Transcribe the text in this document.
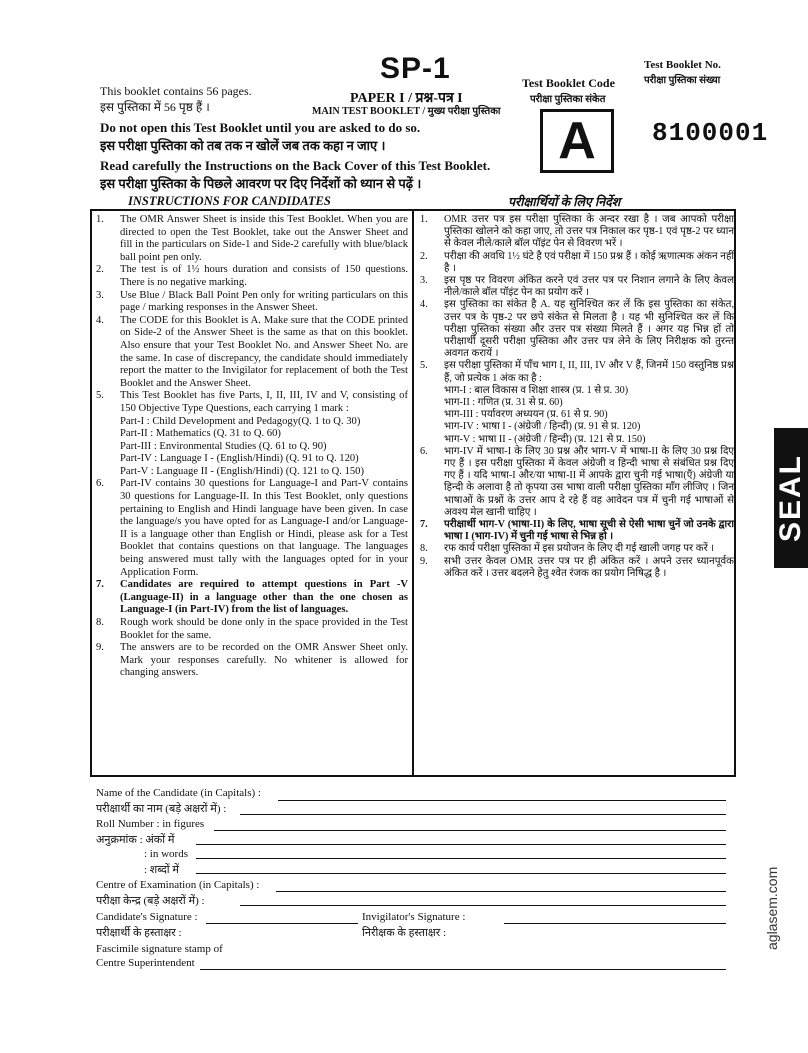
SP-1
PAPER I / प्रश्न-पत्र I
MAIN TEST BOOKLET / मुख्य परीक्षा पुस्तिका
This booklet contains 56 pages.
इस पुस्तिका में 56 पृष्ठ हैं ।
Test Booklet Code
परीक्षा पुस्तिका संकेत
A
Test Booklet No.
परीक्षा पुस्तिका संख्या
8100001
Do not open this Test Booklet until you are asked to do so.
इस परीक्षा पुस्तिका को तब तक न खोलें जब तक कहा न जाए ।
Read carefully the Instructions on the Back Cover of this Test Booklet.
इस परीक्षा पुस्तिका के पिछले आवरण पर दिए निर्देशों को ध्यान से पढ़ें ।
INSTRUCTIONS FOR CANDIDATES	परीक्षार्थियों के लिए निर्देश
1. The OMR Answer Sheet is inside this Test Booklet. When you are directed to open the Test Booklet, take out the Answer Sheet and fill in the particulars on Side-1 and Side-2 carefully with blue/black ball point pen only.
2. The test is of 1½ hours duration and consists of 150 questions. There is no negative marking.
3. Use Blue / Black Ball Point Pen only for writing particulars on this page / marking responses in the Answer Sheet.
4. The CODE for this Booklet is A. Make sure that the CODE printed on Side-2 of the Answer Sheet is the same as that on this booklet. Also ensure that your Test Booklet No. and Answer Sheet No. are the same. In case of discrepancy, the candidate should immediately report the matter to the Invigilator for replacement of both the Test Booklet and the Answer Sheet.
5. This Test Booklet has five Parts, I, II, III, IV and V, consisting of 150 Objective Type Questions, each carrying 1 mark :
Part-I : Child Development and Pedagogy(Q. 1 to Q. 30)
Part-II : Mathematics (Q. 31 to Q. 60)
Part-III : Environmental Studies (Q. 61 to Q. 90)
Part-IV : Language I - (English/Hindi) (Q. 91 to Q. 120)
Part-V : Language II - (English/Hindi) (Q. 121 to Q. 150)
6. Part-IV contains 30 questions for Language-I and Part-V contains 30 questions for Language-II. In this Test Booklet, only questions pertaining to English and Hindi language have been given. In case the language/s you have opted for as Language-I and/or Language-II is a language other than English or Hindi, please ask for a Test Booklet that contains questions on that language. The languages being answered must tally with the languages opted for in your Application Form.
7. Candidates are required to attempt questions in Part -V (Language-II) in a language other than the one chosen as Language-I (in Part-IV) from the list of languages.
8. Rough work should be done only in the space provided in the Test Booklet for the same.
9. The answers are to be recorded on the OMR Answer Sheet only. Mark your responses carefully. No whitener is allowed for changing answers.
1. OMR उत्तर पत्र इस परीक्षा पुस्तिका के अन्दर रखा है । जब आपको परीक्षा पुस्तिका खोलने को कहा जाए, तो उत्तर पत्र निकाल कर पृष्ठ-1 एवं पृष्ठ-2 पर ध्यान से केवल नीले/काले बॉल पॉइंट पेन से विवरण भरें ।
2. परीक्षा की अवधि 1½ घंटे है एवं परीक्षा में 150 प्रश्न हैं । कोई ऋणात्मक अंकन नहीं है ।
3. इस पृष्ठ पर विवरण अंकित करने एवं उत्तर पत्र पर निशान लगाने के लिए केवल नीले/काले बॉल पॉइंट पेन का प्रयोग करें ।
4. इस पुस्तिका का संकेत है A. यह सुनिश्चित कर लें कि इस पुस्तिका का संकेत, उत्तर पत्र के पृष्ठ-2 पर छपे संकेत से मिलता है । यह भी सुनिश्चित कर लें कि परीक्षा पुस्तिका संख्या और उत्तर पत्र संख्या मिलते हैं । अगर यह भिन्न हों तो परीक्षार्थी दूसरी परीक्षा पुस्तिका और उत्तर पत्र लेने के लिए निरीक्षक को तुरन्त अवगत करायें ।
5. इस परीक्षा पुस्तिका में पाँच भाग I, II, III, IV और V हैं, जिनमें 150 वस्तुनिष्ठ प्रश्न हैं, जो प्रत्येक 1 अंक का है :
भाग-I : बाल विकास व शिक्षा शास्त्र (प्र. 1 से प्र. 30)
भाग-II : गणित (प्र. 31 से प्र. 60)
भाग-III : पर्यावरण अध्ययन (प्र. 61 से प्र. 90)
भाग-IV : भाषा I - (अंग्रेजी / हिन्दी) (प्र. 91 से प्र. 120)
भाग-V : भाषा II - (अंग्रेजी / हिन्दी) (प्र. 121 से प्र. 150)
6. भाग-IV में भाषा-I के लिए 30 प्रश्न और भाग-V में भाषा-II के लिए 30 प्रश्न दिए गए हैं । इस परीक्षा पुस्तिका में केवल अंग्रेजी व हिन्दी भाषा से संबंधित प्रश्न दिए गए हैं । यदि भाषा-I और/या भाषा-II में आपके द्वारा चुनी गई भाषा(एँ) अंग्रेजी या हिन्दी के अलावा है तो कृपया उस भाषा वाली परीक्षा पुस्तिका माँग लीजिए । जिन भाषाओं के प्रश्नों के उत्तर आप दे रहे हैं वह आवेदन पत्र में चुनी गई भाषाओं से अवश्य मेल खानी चाहिए ।
7. परीक्षार्थी भाग-V (भाषा-II) के लिए, भाषा सूची से ऐसी भाषा चुनें जो उनके द्वारा भाषा I (भाग-IV) में चुनी गई भाषा से भिन्न हो ।
8. रफ कार्य परीक्षा पुस्तिका में इस प्रयोजन के लिए दी गई खाली जगह पर करें ।
9. सभी उत्तर केवल OMR उत्तर पत्र पर ही अंकित करें । अपने उत्तर ध्यानपूर्वक अंकित करें । उत्तर बदलने हेतु श्वेत रंजक का प्रयोग निषिद्ध है ।
Name of the Candidate (in Capitals) :
परीक्षार्थी का नाम (बड़े अक्षरों में) :
Roll Number : in figures
अनुक्रमांक : अंकों में
: in words
: शब्दों में
Centre of Examination (in Capitals) :
परीक्षा केन्द्र (बड़े अक्षरों में) :
Candidate's Signature :
परीक्षार्थी के हस्ताक्षर :
Invigilator's Signature :
निरीक्षक के हस्ताक्षर :
Fascimile signature stamp of
Centre Superintendent
SEAL
aglasem.com
